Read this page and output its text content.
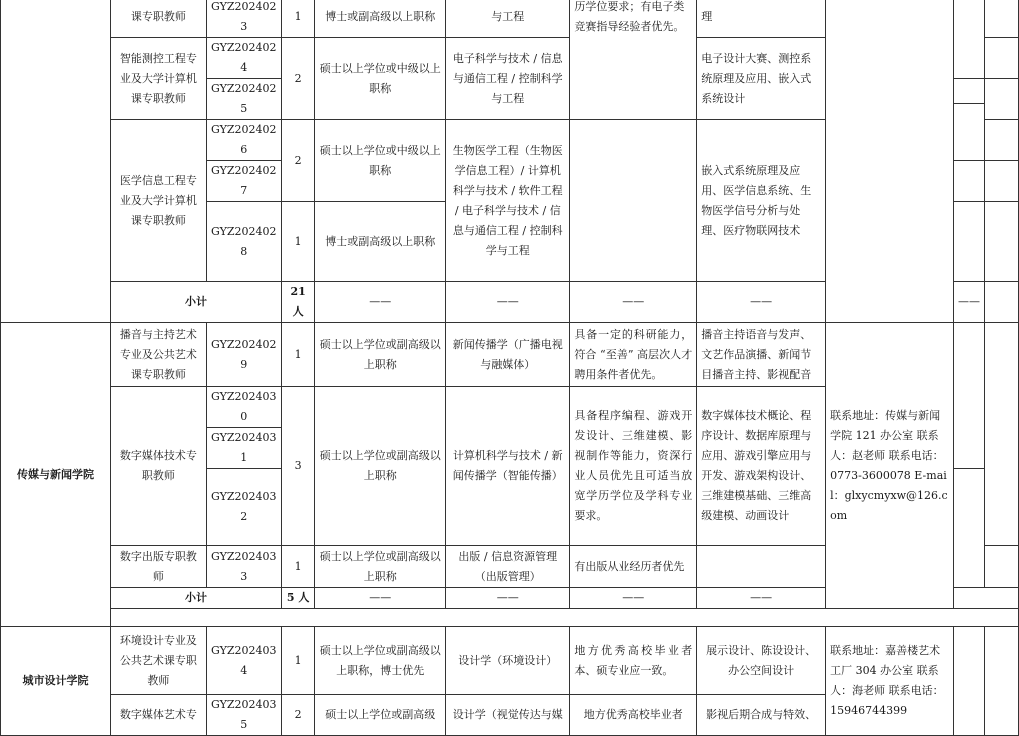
	课专职教师	GYZ2024023	1	博士或副高级以上职称	与工程	历学位要求；有电子类竞赛指导经验者优先。	理			
	智能测控工程专业及大学计算机课专职教师	GYZ2024024	2	硕士以上学位或中级以上职称	电子科学与技术 / 信息与通信工程 / 控制科学与工程		电子设计大赛、测控系统原理及应用、嵌入式系统设计			
		GYZ2024025								

	医学信息工程专业及大学计算机课专职教师	GYZ2024026	2	硕士以上学位或中级以上职称	生物医学工程（生物医学信息工程）/ 计算机科学与技术 / 软件工程 / 电子科学与技术 / 信息与通信工程 / 控制科学与工程		嵌入式系统原理及应用、医学信息系统、生物医学信号分析与处理、医疗物联网技术			
		GYZ2024027								
		GYZ2024028	1	博士或副高级以上职称						
	小计		21 人	——	——	——	——		——	
传媒与新闻学院	播音与主持艺术专业及公共艺术课专职教师	GYZ2024029	1	硕士以上学位或副高级以上职称	新闻传播学（广播电视与融媒体）	具备一定的科研能力，符合 “至善” 高层次人才聘用条件者优先。	播音主持语音与发声、文艺作品演播、新闻节目播音主持、影视配音	联系地址：传媒与新闻学院 121 办公室 联系人：赵老师 联系电话：0773-3600078 E-mail：glxycmyxw@126.com		
	数字媒体技术专职教师	GYZ2024030	3	硕士以上学位或副高级以上职称	计算机科学与技术 / 新闻传播学（智能传播）	具备程序编程、游戏开发设计、三维建模、影视制作等能力，资深行业人员优先且可适当放宽学历学位及学科专业要求。	数字媒体技术概论、程序设计、数据库原理与应用、游戏引擎应用与开发、游戏架构设计、三维建模基础、三维高级建模、动画设计			
		GYZ2024031								
		GYZ2024032								
	数字出版专职教师	GYZ2024033	1	硕士以上学位或副高级以上职称	出版 / 信息资源管理（出版管理）	有出版从业经历者优先				
	小计		5 人	——	——	——	——			

城市设计学院	环境设计专业及公共艺术课专职教师	GYZ2024034	1	硕士以上学位或副高级以上职称，博士优先	设计学（环境设计）	地方优秀高校毕业者本、硕专业应一致。	展示设计、陈设设计、办公空间设计	联系地址：嘉善楼艺术工厂 304 办公室 联系人：海老师 联系电话：15946744399		
	数字媒体艺术专	GYZ2024035	2	硕士以上学位或副高级	设计学（视觉传达与媒	地方优秀高校毕业者	影视后期合成与特效、			
